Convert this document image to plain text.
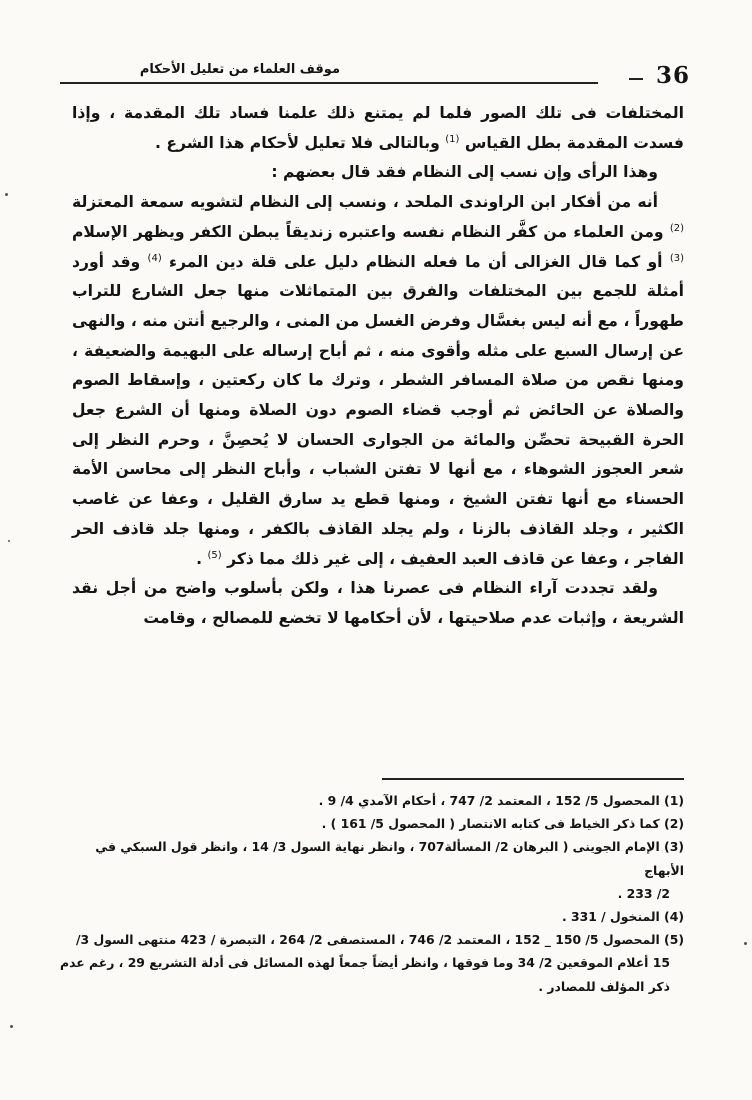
36
موقف العلماء من تعليل الأحكام

المختلفات فى تلك الصور فلما لم يمتنع ذلك علمنا فساد تلك المقدمة ، وإذا فسدت المقدمة بطل القياس $^{(1)}$ وبالتالى فلا تعليل لأحكام هذا الشرع .

وهذا الرأى وإن نسب إلى النظام فقد قال بعضهم :

أنه من أفكار ابن الراوندى الملحد ، ونسب إلى النظام لتشويه سمعة المعتزلة $^{(2)}$ ومن العلماء من كفَّر النظام نفسه واعتبره زنديقاً يبطن الكفر ويظهر الإسلام $^{(3)}$ أو كما قال الغزالى أن ما فعله النظام دليل على قلة دين المرء $^{(4)}$ وقد أورد أمثلة للجمع بين المختلفات والفرق بين المتماثلات منها جعل الشارع للتراب طهوراً ، مع أنه ليس بغسَّال وفرض الغسل من المنى ، والرجيع أنتن منه ، والنهى عن إرسال السبع على مثله وأقوى منه ، ثم أباح إرساله على البهيمة والضعيفة ، ومنها نقص من صلاة المسافر الشطر ، وترك ما كان ركعتين ، وإسقاط الصوم والصلاة عن الحائض ثم أوجب قضاء الصوم دون الصلاة ومنها أن الشرع جعل الحرة القبيحة تحصِّن والمائة من الجوارى الحسان لا يُحصِنَّ ، وحرم النظر إلى شعر العجوز الشوهاء ، مع أنها لا تفتن الشباب ، وأباح النظر إلى محاسن الأمة الحسناء مع أنها تفتن الشيخ ، ومنها قطع يد سارق القليل ، وعفا عن غاصب الكثير ، وجلد القاذف بالزنا ، ولم يجلد القاذف بالكفر ، ومنها جلد قاذف الحر الفاجر ، وعفا عن قاذف العبد العفيف ، إلى غير ذلك مما ذكر $^{(5)}$ .

ولقد تجددت آراء النظام فى عصرنا هذا ، ولكن بأسلوب واضح من أجل نقد الشريعة ، وإثبات عدم صلاحيتها ، لأن أحكامها لا تخضع للمصالح ، وقامت

(1) المحصول 5/ 152 ، المعتمد 2/ 747 ، أحكام الآمدي 4/ 9 .

(2) كما ذكر الخياط فى كتابه الانتصار ( المحصول 5/ 161 ) .

(3) الإمام الجوينى ( البرهان 2/ المسألة707 ، وانظر نهاية السول 3/ 14 ، وانظر قول السبكي في الأبهاج

2/ 233 .

(4) المنخول / 331 .

(5) المحصول 5/ 150 _ 152 ، المعتمد 2/ 746 ، المستصفى 2/ 264 ، التبصرة / 423 منتهى السول 3/

15 أعلام الموقعين 2/ 34 وما فوقها ، وانظر أيضاً جمعاً لهذه المسائل فى أدلة التشريع 29 ، رغم عدم

ذكر المؤلف للمصادر .
